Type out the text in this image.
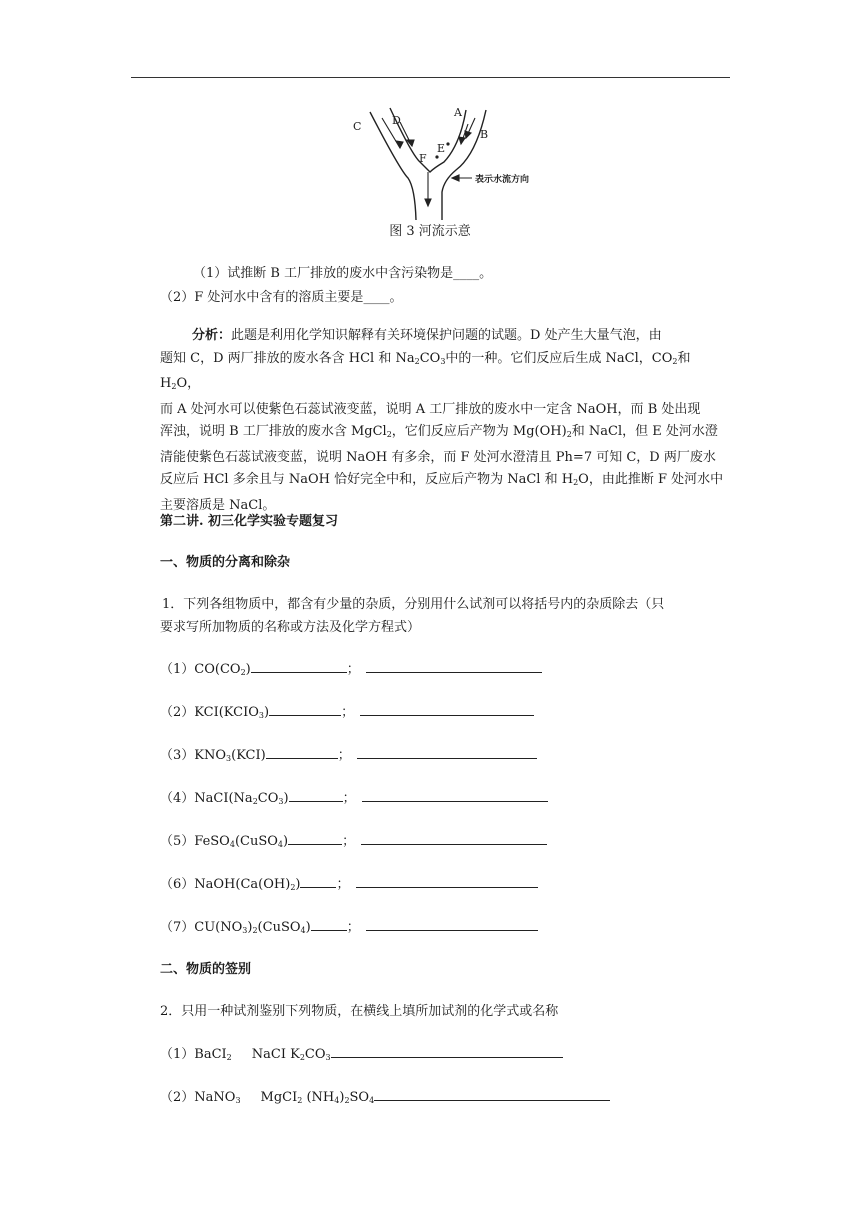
C	D
A
B
E
F
表示水流方向
图 3 河流示意
（1）试推断 B 工厂排放的废水中含污染物是____。
（2）F 处河水中含有的溶质主要是____。
分析：此题是利用化学知识解释有关环境保护问题的试题。D 处产生大量气泡，由
题知 C，D 两厂排放的废水各含 HCl 和 $Na_2CO_3$中的一种。它们反应后生成 NaCl，$CO_2$和 $H_2O$，
而 A 处河水可以使紫色石蕊试液变蓝，说明 A 工厂排放的废水中一定含 NaOH，而 B 处出现
浑浊，说明 B 工厂排放的废水含 MgCl$_2$，它们反应后产物为 $Mg(OH)_2$和 NaCl，但 E 处河水澄
清能使紫色石蕊试液变蓝，说明 NaOH 有多余，而 F 处河水澄清且 Ph=7 可知 C，D 两厂废水
反应后 HCl 多余且与 NaOH 恰好完全中和，反应后产物为 NaCl 和 $H_2O$，由此推断 F 处河水中
主要溶质是 NaCl。
第二讲. 初三化学实验专题复习
一、物质的分离和除杂
1．下列各组物质中，都含有少量的杂质，分别用什么试剂可以将括号内的杂质除去（只
要求写所加物质的名称或方法及化学方程式）
$(1)CO(CO_2)$	；
$(2)KCI(KCIO_3)$	；
$(3)KNO_3(KCI)$	；
$(4)NaCI(Na_2CO_3)$	；
（5）FeSO$_4$(CuSO$_4$)	；
$(6)NaOH(Ca(OH)_2)$	；
$(7)CU(NO_3)_2(CuSO_4)$	；
二、物质的签别
2．只用一种试剂鉴别下列物质，在横线上填所加试剂的化学式或名称
（1）BaCI$_2$ NaCI $K_2CO_3$
（2）NaNO$_3$ MgCI$_2$ $(NH_4)_2SO_4$
